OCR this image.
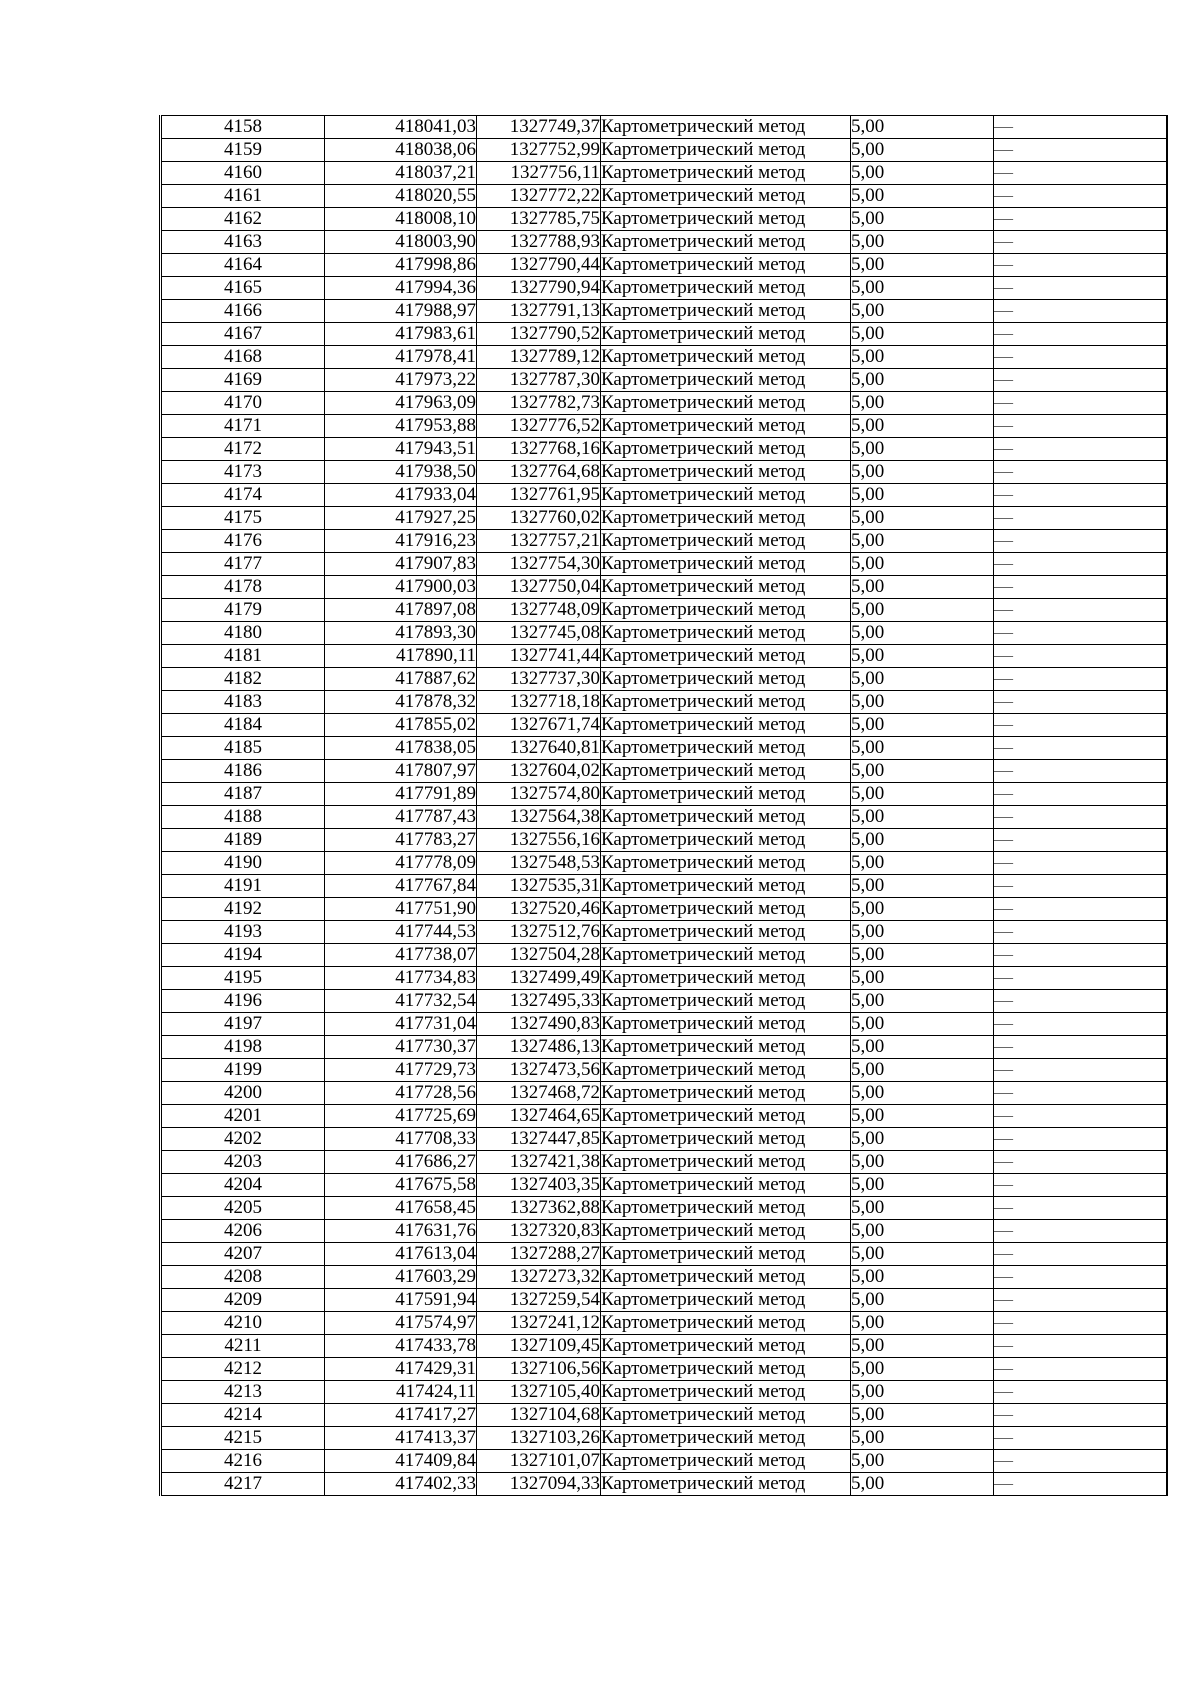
4158	418041,03	1327749,37	Картометрический метод	5,00	—
4159	418038,06	1327752,99	Картометрический метод	5,00	—
4160	418037,21	1327756,11	Картометрический метод	5,00	—
4161	418020,55	1327772,22	Картометрический метод	5,00	—
4162	418008,10	1327785,75	Картометрический метод	5,00	—
4163	418003,90	1327788,93	Картометрический метод	5,00	—
4164	417998,86	1327790,44	Картометрический метод	5,00	—
4165	417994,36	1327790,94	Картометрический метод	5,00	—
4166	417988,97	1327791,13	Картометрический метод	5,00	—
4167	417983,61	1327790,52	Картометрический метод	5,00	—
4168	417978,41	1327789,12	Картометрический метод	5,00	—
4169	417973,22	1327787,30	Картометрический метод	5,00	—
4170	417963,09	1327782,73	Картометрический метод	5,00	—
4171	417953,88	1327776,52	Картометрический метод	5,00	—
4172	417943,51	1327768,16	Картометрический метод	5,00	—
4173	417938,50	1327764,68	Картометрический метод	5,00	—
4174	417933,04	1327761,95	Картометрический метод	5,00	—
4175	417927,25	1327760,02	Картометрический метод	5,00	—
4176	417916,23	1327757,21	Картометрический метод	5,00	—
4177	417907,83	1327754,30	Картометрический метод	5,00	—
4178	417900,03	1327750,04	Картометрический метод	5,00	—
4179	417897,08	1327748,09	Картометрический метод	5,00	—
4180	417893,30	1327745,08	Картометрический метод	5,00	—
4181	417890,11	1327741,44	Картометрический метод	5,00	—
4182	417887,62	1327737,30	Картометрический метод	5,00	—
4183	417878,32	1327718,18	Картометрический метод	5,00	—
4184	417855,02	1327671,74	Картометрический метод	5,00	—
4185	417838,05	1327640,81	Картометрический метод	5,00	—
4186	417807,97	1327604,02	Картометрический метод	5,00	—
4187	417791,89	1327574,80	Картометрический метод	5,00	—
4188	417787,43	1327564,38	Картометрический метод	5,00	—
4189	417783,27	1327556,16	Картометрический метод	5,00	—
4190	417778,09	1327548,53	Картометрический метод	5,00	—
4191	417767,84	1327535,31	Картометрический метод	5,00	—
4192	417751,90	1327520,46	Картометрический метод	5,00	—
4193	417744,53	1327512,76	Картометрический метод	5,00	—
4194	417738,07	1327504,28	Картометрический метод	5,00	—
4195	417734,83	1327499,49	Картометрический метод	5,00	—
4196	417732,54	1327495,33	Картометрический метод	5,00	—
4197	417731,04	1327490,83	Картометрический метод	5,00	—
4198	417730,37	1327486,13	Картометрический метод	5,00	—
4199	417729,73	1327473,56	Картометрический метод	5,00	—
4200	417728,56	1327468,72	Картометрический метод	5,00	—
4201	417725,69	1327464,65	Картометрический метод	5,00	—
4202	417708,33	1327447,85	Картометрический метод	5,00	—
4203	417686,27	1327421,38	Картометрический метод	5,00	—
4204	417675,58	1327403,35	Картометрический метод	5,00	—
4205	417658,45	1327362,88	Картометрический метод	5,00	—
4206	417631,76	1327320,83	Картометрический метод	5,00	—
4207	417613,04	1327288,27	Картометрический метод	5,00	—
4208	417603,29	1327273,32	Картометрический метод	5,00	—
4209	417591,94	1327259,54	Картометрический метод	5,00	—
4210	417574,97	1327241,12	Картометрический метод	5,00	—
4211	417433,78	1327109,45	Картометрический метод	5,00	—
4212	417429,31	1327106,56	Картометрический метод	5,00	—
4213	417424,11	1327105,40	Картометрический метод	5,00	—
4214	417417,27	1327104,68	Картометрический метод	5,00	—
4215	417413,37	1327103,26	Картометрический метод	5,00	—
4216	417409,84	1327101,07	Картометрический метод	5,00	—
4217	417402,33	1327094,33	Картометрический метод	5,00	—
